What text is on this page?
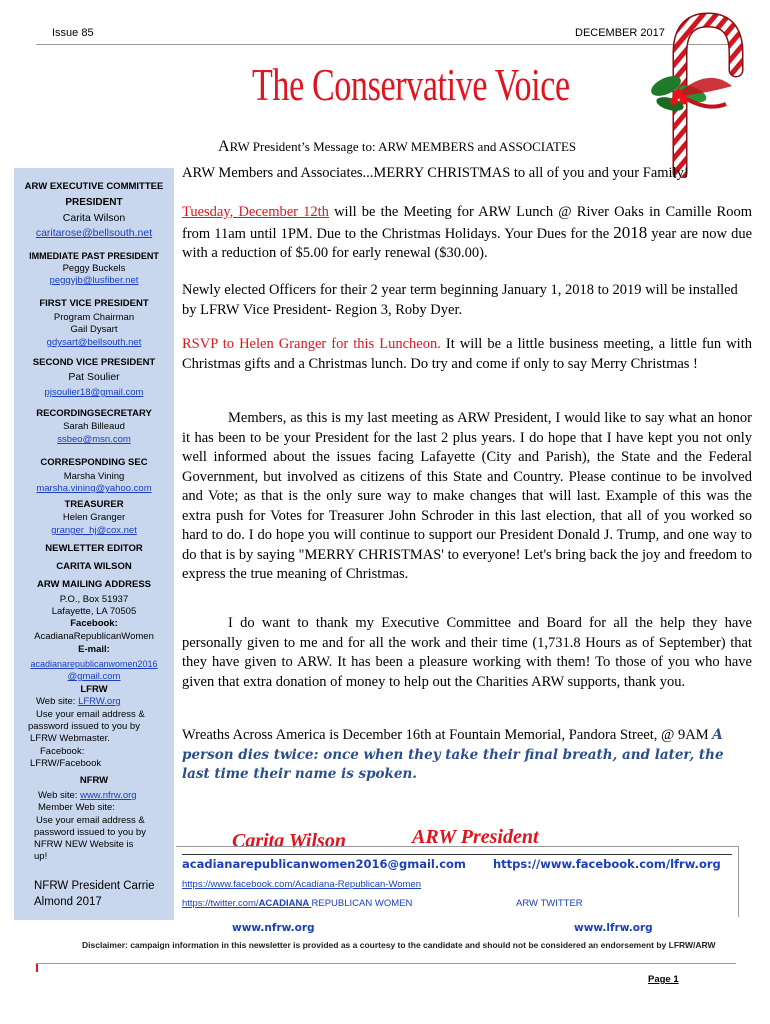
Issue 85	DECEMBER 2017
The Conservative Voice
ARW President’s Message to: ARW MEMBERS and ASSOCIATES
ARW EXECUTIVE COMMITTEE
PRESIDENT
Carita Wilson
caritarose@bellsouth.net
IMMEDIATE PAST PRESIDENT
Peggy Buckels
peggyjb@lusfiber.net
FIRST VICE PRESIDENT
Program Chairman
Gail Dysart
gdysart@bellsouth.net
SECOND VICE PRESIDENT
Pat Soulier
pjsoulier18@gmail.com
RECORDINGSECRETARY
Sarah Billeaud
ssbeo@msn.com
CORRESPONDING SEC
Marsha Vining
marsha.vining@yahoo.com
TREASURER
Helen Granger
granger_hj@cox.net
NEWLETTER EDITOR
CARITA WILSON
ARW MAILING ADDRESS
P.O., Box 51937
Lafayette, LA 70505
Facebook:
AcadianaRepublicanWomen
E-mail:
acadianarepublicanwomen2016
@gmail.com
LFRW
Web site: LFRW.org
Use your email address &
password issued to you by
LFRW Webmaster.
Facebook:
LFRW/Facebook
NFRW
Web site: www.nfrw.org
Member Web site:
Use your email address &
password issued to you by
NFRW NEW Website is
up!
NFRW President Carrie
Almond 2017
ARW Members and Associates...MERRY CHRISTMAS to all of you and your Family!
Tuesday, December 12th will be the Meeting for ARW Lunch @ River Oaks in Camille Room from 11am until 1PM. Due to the Christmas Holidays. Your Dues for the 2018 year are now due with a reduction of $5.00 for early renewal ($30.00).
Newly elected Officers for their 2 year term beginning January 1, 2018 to 2019 will be installed by LFRW Vice President- Region 3, Roby Dyer.
RSVP to Helen Granger for this Luncheon. It will be a little business meeting, a little fun with Christmas gifts and a Christmas lunch. Do try and come if only to say Merry Christmas !
Members, as this is my last meeting as ARW President, I would like to say what an honor it has been to be your President for the last 2 plus years. I do hope that I have kept you not only well informed about the issues facing Lafayette (City and Parish), the State and the Federal Government, but involved as citizens of this State and Country. Please continue to be involved and Vote; as that is the only sure way to make changes that will last. Example of this was the extra push for Votes for Treasurer John Schroder in this last election, that all of you worked so hard to do. I do hope you will continue to support our President Donald J. Trump, and one way to do that is by saying "MERRY CHRISTMAS' to everyone! Let's bring back the joy and freedom to express the true meaning of Christmas.
I do want to thank my Executive Committee and Board for all the help they have personally given to me and for all the work and their time (1,731.8 Hours as of September) that they have given to ARW. It has been a pleasure working with them! To those of you who have given that extra donation of money to help out the Charities ARW supports, thank you.
Wreaths Across America is December 16th at Fountain Memorial, Pandora Street, @ 9AM A person dies twice: once when they take their final breath, and later, the last time their name is spoken.
Carita Wilson	ARW President
acadianarepublicanwomen2016@gmail.com https://www.facebook.com/lfrw.org
https://www.facebook.com/Acadiana-Republican-Women
https://twitter.com/ACADIANA REPUBLICAN WOMEN	ARW TWITTER
www.nfrw.org	www.lfrw.org
Disclaimer: campaign information in this newsletter is provided as a courtesy to the candidate and should not be considered an endorsement by LFRW/ARW
Page 1
